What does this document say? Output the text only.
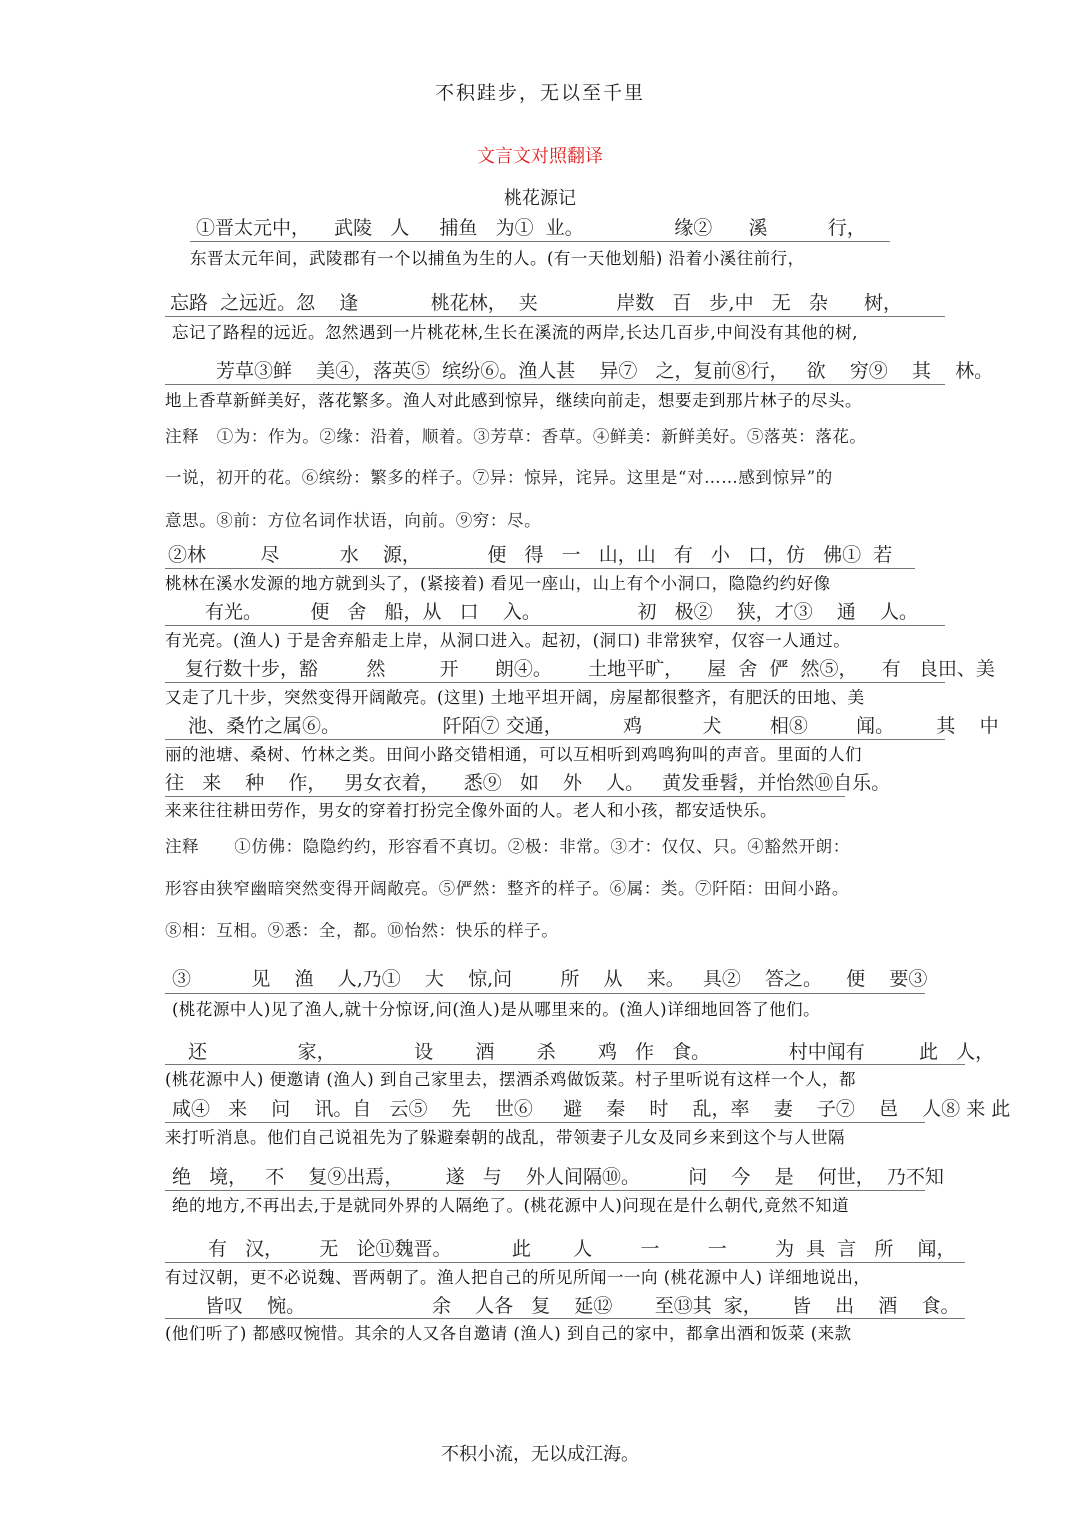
不积跬步，无以至千里
文言文对照翻译
桃花源记
①晋太元中，    武陵   人     捕鱼   为①  业。               缘②      溪          行，
东晋太元年间，武陵郡有一个以捕鱼为生的人。(有一天他划船) 沿着小溪往前行，
忘路  之远近。忽    逢            桃花林，  夹             岸数   百   步,中   无   杂      树，
忘记了路程的远近。忽然遇到一片桃花林,生长在溪流的两岸,长达几百步,中间没有其他的树,
芳草③鲜    美④，落英⑤  缤纷⑥。渔人甚    异⑦   之，复前⑧行，   欲    穷⑨    其    林。
地上香草新鲜美好，落花繁多。渔人对此感到惊异，继续向前走，想要走到那片林子的尽头。
注释   ①为：作为。②缘：沿着，顺着。③芳草：香草。④鲜美：新鲜美好。⑤落英：落花。
一说，初开的花。⑥缤纷：繁多的样子。⑦异：惊异，诧异。这里是“对……感到惊异”的
意思。⑧前：方位名词作状语，向前。⑨穷：尽。
②林         尽          水    源，           便   得   一   山，山   有   小   口，仿   佛①  若
桃林在溪水发源的地方就到头了，(紧接着) 看见一座山，山上有个小洞口，隐隐约约好像
有光。        便   舍   船，从   口    入。                初   极②    狭，才③    通    人。
有光亮。(渔人) 于是舍弃船走上岸，从洞口进入。起初，(洞口) 非常狭窄，仅容一人通过。
复行数十步，豁        然         开      朗④。      土地平旷，    屋  舍  俨  然⑤，    有   良田、美
又走了几十步，突然变得开阔敞亮。(这里) 土地平坦开阔，房屋都很整齐，有肥沃的田地、美
池、桑竹之属⑥。                 阡陌⑦ 交通，          鸡          犬        相⑧        闻。       其    中
丽的池塘、桑树、竹林之类。田间小路交错相通，可以互相听到鸡鸣狗叫的声音。里面的人们
往   来    种    作，   男女衣着，    悉⑨   如    外    人。   黄发垂髫，并怡然⑩自乐。
来来往往耕田劳作，男女的穿着打扮完全像外面的人。老人和小孩，都安适快乐。
注释      ①仿佛：隐隐约约，形容看不真切。②极：非常。③才：仅仅、只。④豁然开朗：
形容由狭窄幽暗突然变得开阔敞亮。⑤俨然：整齐的样子。⑥属：类。⑦阡陌：田间小路。
⑧相：互相。⑨悉：全，都。⑩怡然：快乐的样子。
③          见    渔    人,乃①    大    惊,问        所    从    来。   具②    答之。    便    要③
(桃花源中人)见了渔人,就十分惊讶,问(渔人)是从哪里来的。(渔人)详细地回答了他们。
还               家，             设       酒       杀       鸡   作   食。             村中闻有         此   人，
(桃花源中人) 便邀请 (渔人) 到自己家里去，摆酒杀鸡做饭菜。村子里听说有这样一个人，都
咸④   来    问    讯。自   云⑤    先    世⑥     避    秦    时    乱，率    妻    子⑦    邑    人⑧ 来 此
来打听消息。他们自己说祖先为了躲避秦朝的战乱，带领妻子儿女及同乡来到这个与人世隔
绝   境，   不    复⑨出焉，       遂   与    外人间隔⑩。        问    今    是    何世，  乃不知
绝的地方,不再出去,于是就同外界的人隔绝了。(桃花源中人)问现在是什么朝代,竟然不知道
有   汉，      无   论⑪魏晋。          此       人        一        一        为  具  言   所    闻，
有过汉朝，更不必说魏、晋两朝了。渔人把自己的所见所闻一一向 (桃花源中人) 详细地说出，
皆叹    惋。                     余    人各   复    延⑫       至⑬其  家，     皆    出    酒    食。
(他们听了) 都感叹惋惜。其余的人又各自邀请 (渔人) 到自己的家中，都拿出酒和饭菜 (来款
不积小流，无以成江海。
